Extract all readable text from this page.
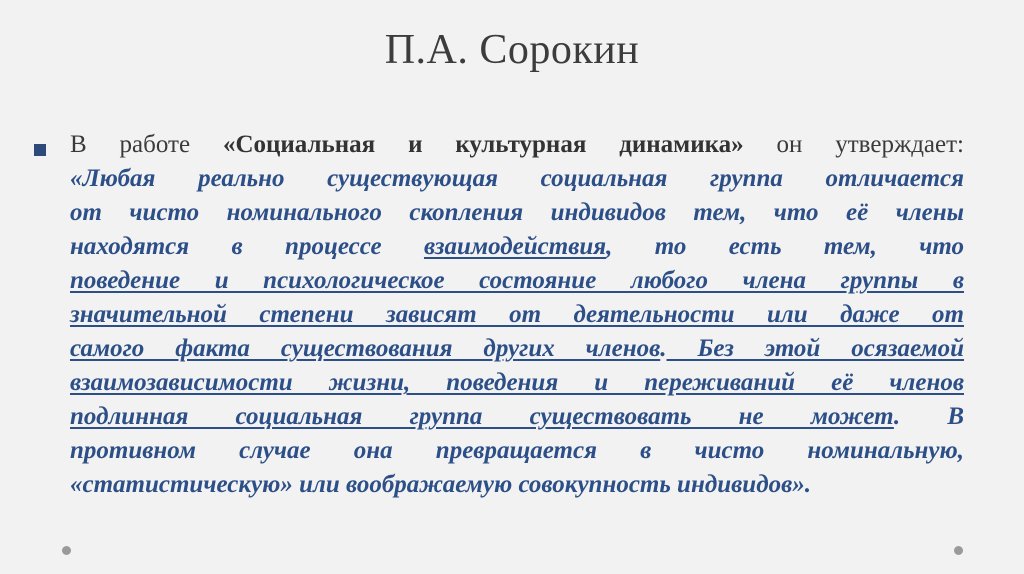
П.А. Сорокин
В работе «Социальная и культурная динамика» он утверждает:
«Любая реально существующая социальная группа отличается
от чисто номинального скопления индивидов тем, что её члены
находятся в процессе взаимодействия, то есть тем, что
поведение и психологическое состояние любого члена группы в
значительной степени зависят от деятельности или даже от
самого факта существования других членов. Без этой осязаемой
взаимозависимости жизни, поведения и переживаний её членов
подлинная социальная группа существовать не может. В
противном случае она превращается в чисто номинальную,
«статистическую» или воображаемую совокупность индивидов».
